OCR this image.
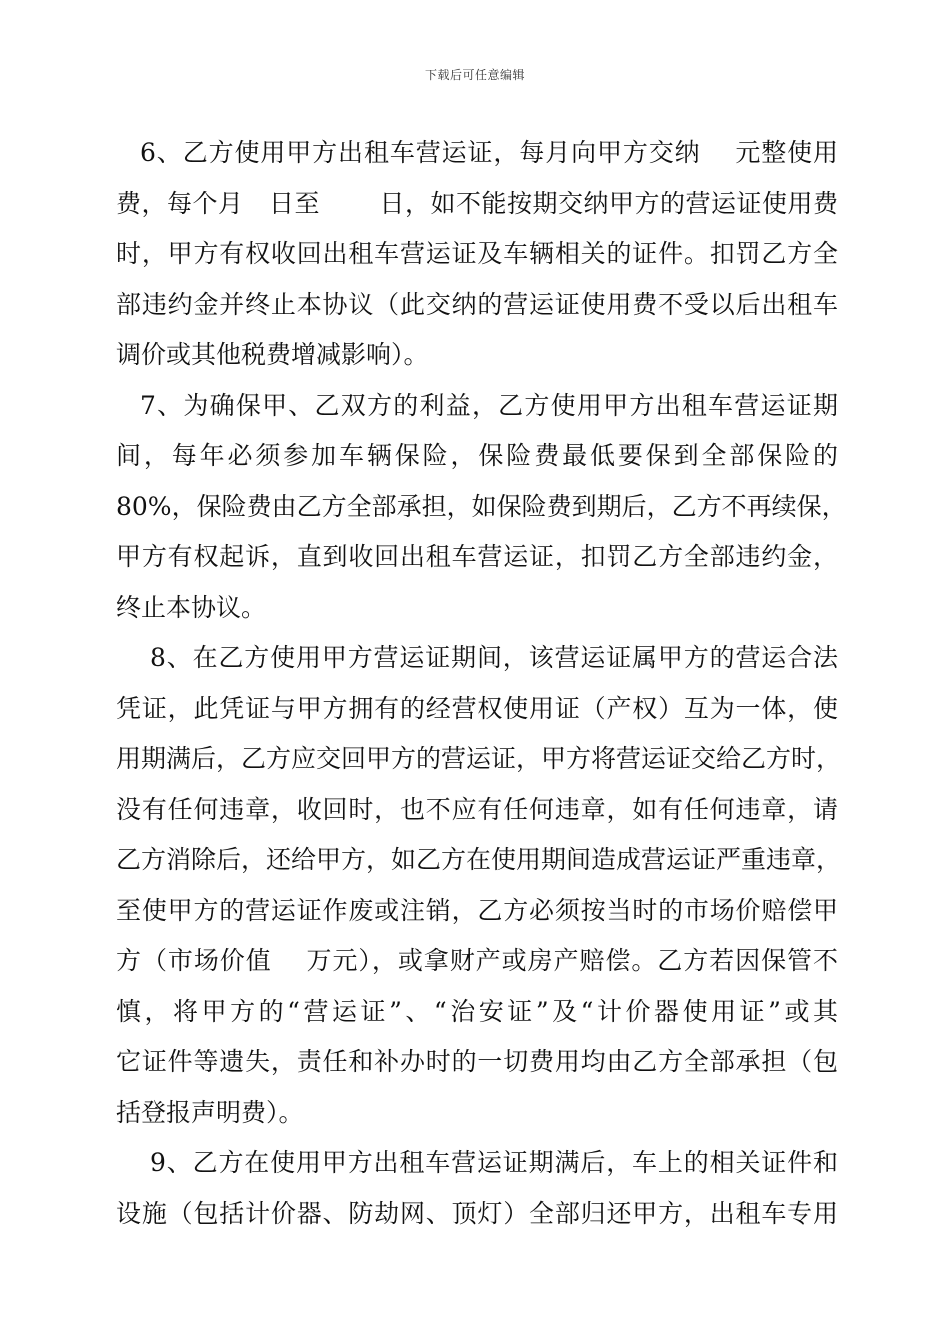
下载后可任意编辑
6、乙方使用甲方出租车营运证，每月向甲方交纳　 元整使用
费，每个月　日至　　 日，如不能按期交纳甲方的营运证使用费
时，甲方有权收回出租车营运证及车辆相关的证件。扣罚乙方全
部违约金并终止本协议（此交纳的营运证使用费不受以后出租车
调价或其他税费增减影响）。
7、为确保甲、乙双方的利益，乙方使用甲方出租车营运证期
间，每年必须参加车辆保险，保险费最低要保到全部保险的
80%，保险费由乙方全部承担，如保险费到期后，乙方不再续保，
甲方有权起诉，直到收回出租车营运证，扣罚乙方全部违约金，
终止本协议。
8、在乙方使用甲方营运证期间，该营运证属甲方的营运合法
凭证，此凭证与甲方拥有的经营权使用证（产权）互为一体，使
用期满后，乙方应交回甲方的营运证，甲方将营运证交给乙方时，
没有任何违章，收回时，也不应有任何违章，如有任何违章，请
乙方消除后，还给甲方，如乙方在使用期间造成营运证严重违章，
至使甲方的营运证作废或注销，乙方必须按当时的市场价赔偿甲
方（市场价值　 万元），或拿财产或房产赔偿。乙方若因保管不
慎，将甲方的“营运证”、“治安证”及“计价器使用证”或其
它证件等遗失，责任和补办时的一切费用均由乙方全部承担（包
括登报声明费）。
9、乙方在使用甲方出租车营运证期满后，车上的相关证件和
设施（包括计价器、防劫网、顶灯）全部归还甲方，出租车专用
